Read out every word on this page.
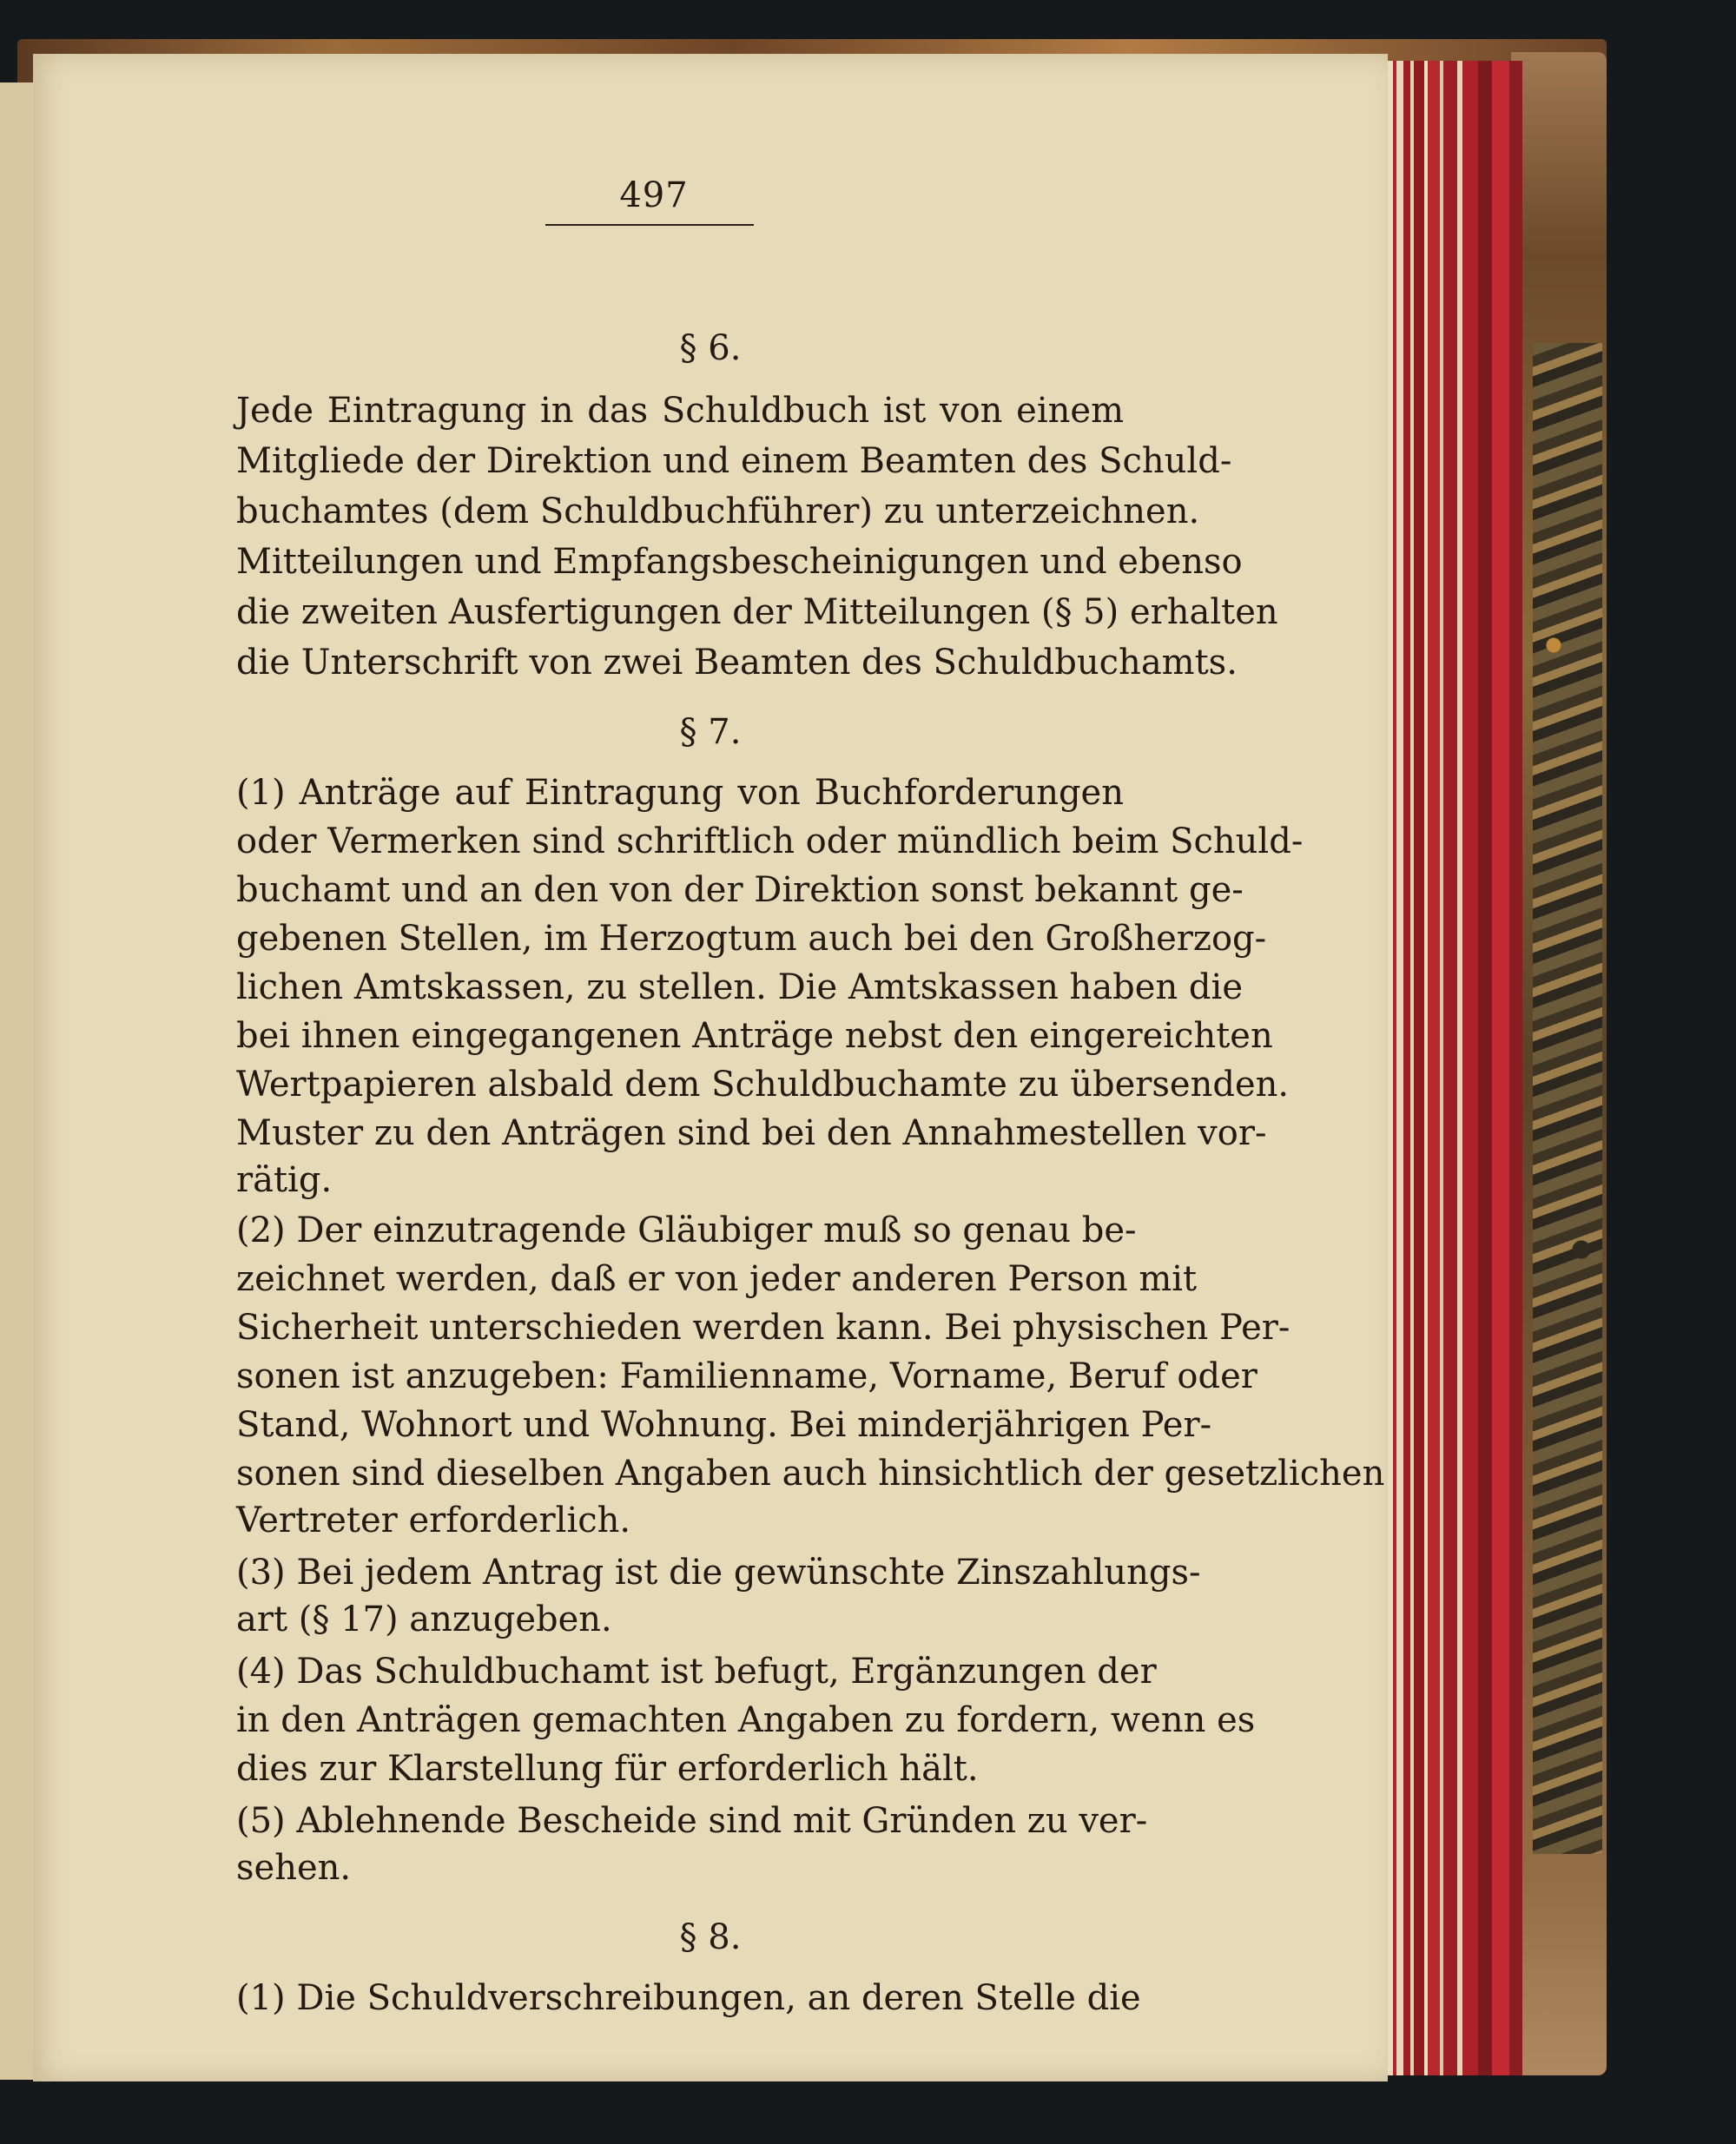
497
§ 6.
Jede Eintragung in das Schuldbuch ist von einem
Mitgliede der Direktion und einem Beamten des Schuld-
buchamtes (dem Schuldbuchführer) zu unterzeichnen.
Mitteilungen und Empfangsbescheinigungen und ebenso
die zweiten Ausfertigungen der Mitteilungen (§ 5) erhalten
die Unterschrift von zwei Beamten des Schuldbuchamts.
§ 7.
(1) Anträge auf Eintragung von Buchforderungen
oder Vermerken sind schriftlich oder mündlich beim Schuld-
buchamt und an den von der Direktion sonst bekannt ge-
gebenen Stellen, im Herzogtum auch bei den Großherzog-
lichen Amtskassen, zu stellen. Die Amtskassen haben die
bei ihnen eingegangenen Anträge nebst den eingereichten
Wertpapieren alsbald dem Schuldbuchamte zu übersenden.
Muster zu den Anträgen sind bei den Annahmestellen vor-
rätig.
(2) Der einzutragende Gläubiger muß so genau be-
zeichnet werden, daß er von jeder anderen Person mit
Sicherheit unterschieden werden kann. Bei physischen Per-
sonen ist anzugeben: Familienname, Vorname, Beruf oder
Stand, Wohnort und Wohnung. Bei minderjährigen Per-
sonen sind dieselben Angaben auch hinsichtlich der gesetzlichen
Vertreter erforderlich.
(3) Bei jedem Antrag ist die gewünschte Zinszahlungs-
art (§ 17) anzugeben.
(4) Das Schuldbuchamt ist befugt, Ergänzungen der
in den Anträgen gemachten Angaben zu fordern, wenn es
dies zur Klarstellung für erforderlich hält.
(5) Ablehnende Bescheide sind mit Gründen zu ver-
sehen.
§ 8.
(1) Die Schuldverschreibungen, an deren Stelle die
